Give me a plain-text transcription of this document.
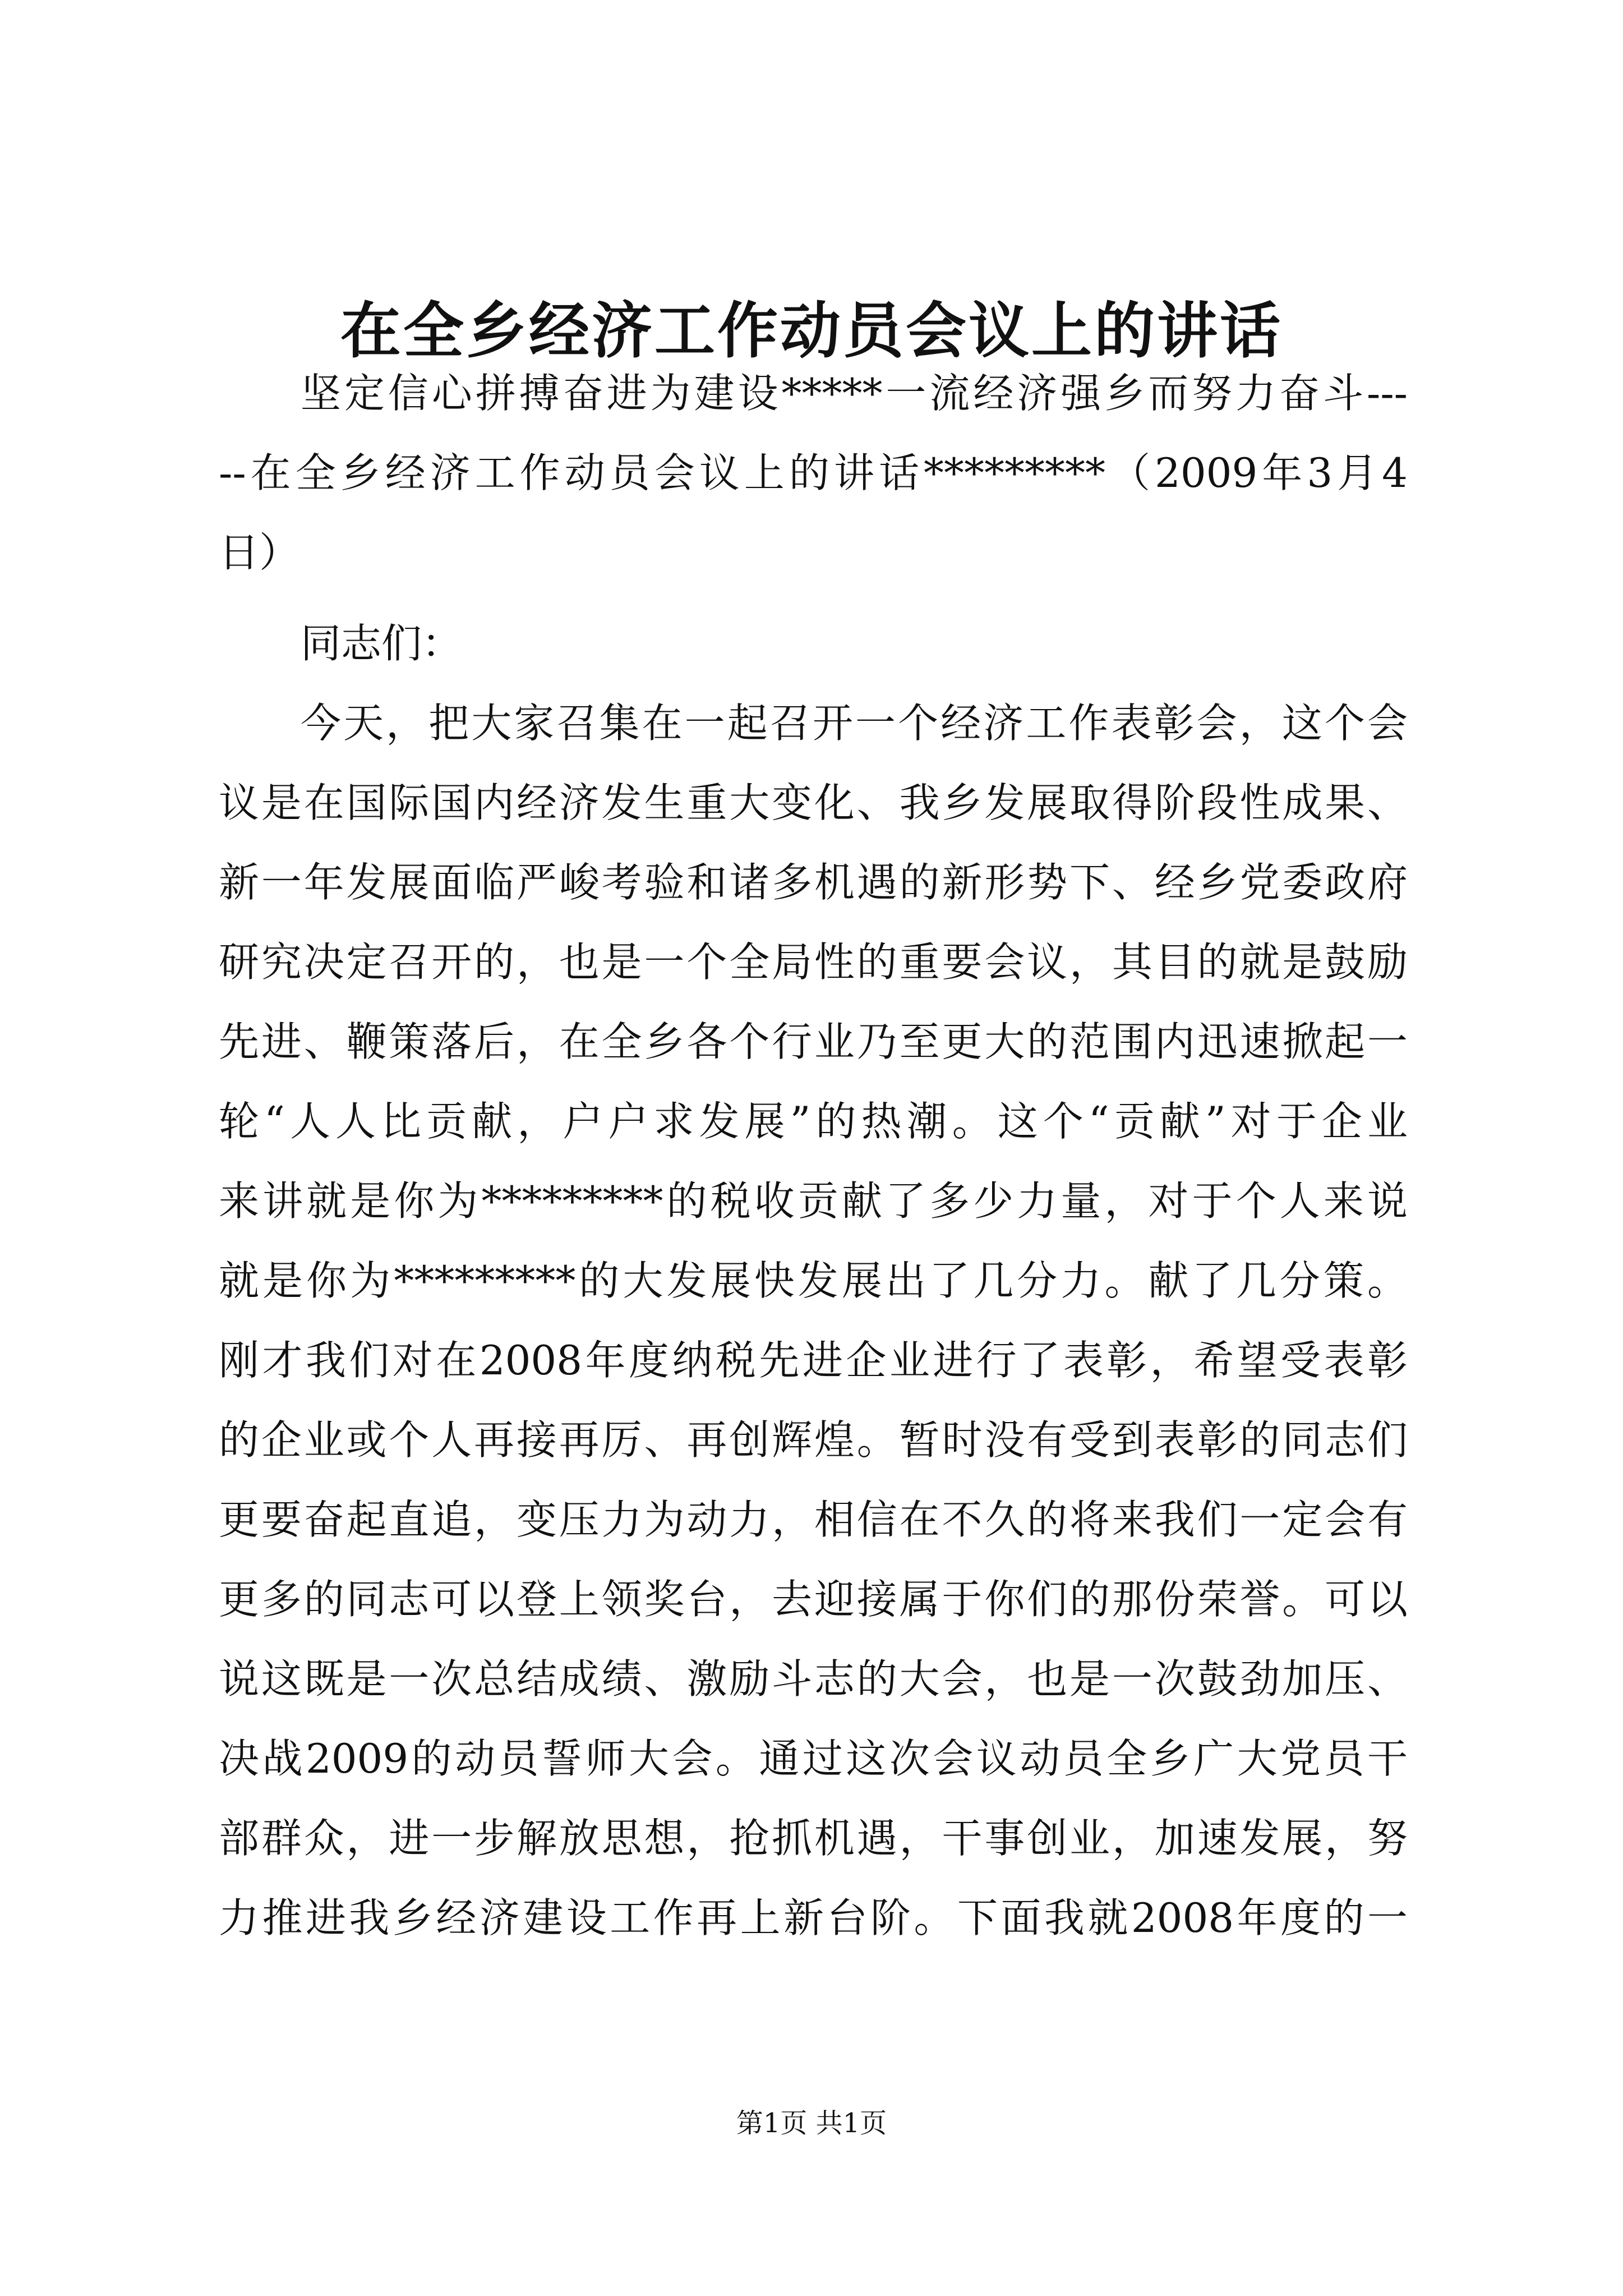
在全乡经济工作动员会议上的讲话
坚定信心拼搏奋进为建设*****一流经济强乡而努力奋斗---
--在全乡经济工作动员会议上的讲话*********（2009年3月4
日）
同志们：
今天，把大家召集在一起召开一个经济工作表彰会，这个会
议是在国际国内经济发生重大变化、我乡发展取得阶段性成果、
新一年发展面临严峻考验和诸多机遇的新形势下、经乡党委政府
研究决定召开的，也是一个全局性的重要会议，其目的就是鼓励
先进、鞭策落后，在全乡各个行业乃至更大的范围内迅速掀起一
轮“人人比贡献，户户求发展”的热潮。这个“贡献”对于企业
来讲就是你为*********的税收贡献了多少力量，对于个人来说
就是你为*********的大发展快发展出了几分力。献了几分策。
刚才我们对在2008年度纳税先进企业进行了表彰，希望受表彰
的企业或个人再接再厉、再创辉煌。暂时没有受到表彰的同志们
更要奋起直追，变压力为动力，相信在不久的将来我们一定会有
更多的同志可以登上领奖台，去迎接属于你们的那份荣誉。可以
说这既是一次总结成绩、激励斗志的大会，也是一次鼓劲加压、
决战2009的动员誓师大会。通过这次会议动员全乡广大党员干
部群众，进一步解放思想，抢抓机遇，干事创业，加速发展，努
力推进我乡经济建设工作再上新台阶。下面我就2008年度的一
第1页 共1页
